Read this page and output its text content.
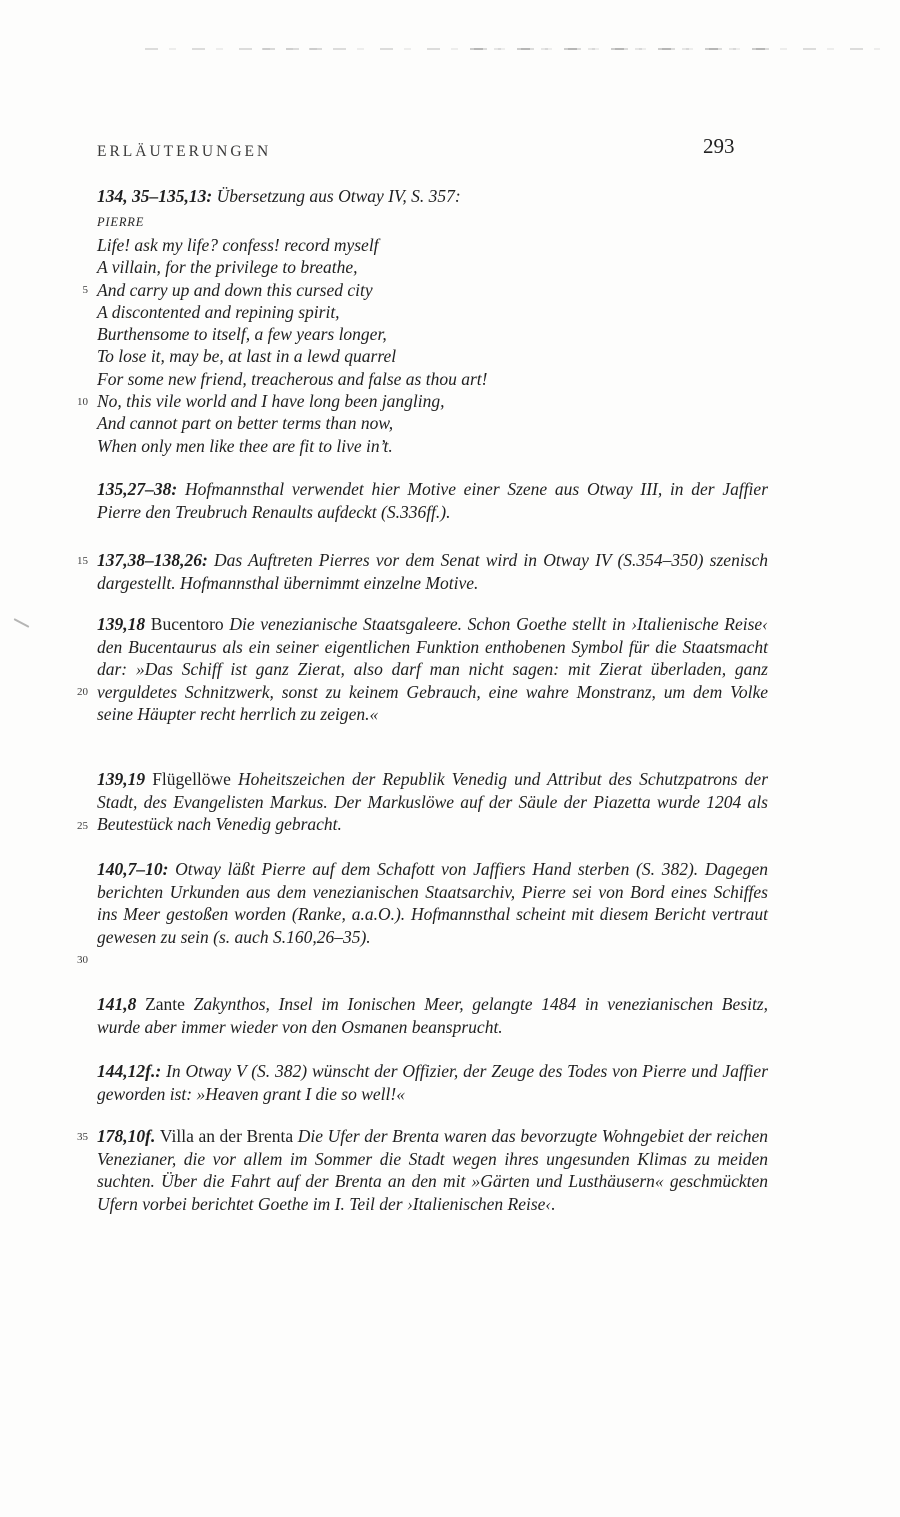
ERLÄUTERUNGEN	293
5
10
15
20
25
30
35
134, 35–135,13: Übersetzung aus Otway IV, S. 357:
PIERRE
Life! ask my life? confess! record myself
A villain, for the privilege to breathe,
And carry up and down this cursed city
A discontented and repining spirit,
Burthensome to itself, a few years longer,
To lose it, may be, at last in a lewd quarrel
For some new friend, treacherous and false as thou art!
No, this vile world and I have long been jangling,
And cannot part on better terms than now,
When only men like thee are fit to live in’t.
135,27–38: Hofmannsthal verwendet hier Motive einer Szene aus Otway III, in der Jaffier Pierre den Treubruch Renaults aufdeckt (S.336ff.).
137,38–138,26: Das Auftreten Pierres vor dem Senat wird in Otway IV (S.354–350) szenisch dargestellt. Hofmannsthal übernimmt einzelne Motive.
139,18 Bucentoro Die venezianische Staatsgaleere. Schon Goethe stellt in ›Italienische Reise‹ den Bucentaurus als ein seiner eigentlichen Funktion enthobenen Symbol für die Staatsmacht dar: »Das Schiff ist ganz Zierat, also darf man nicht sagen: mit Zierat überladen, ganz verguldetes Schnitzwerk, sonst zu keinem Gebrauch, eine wahre Monstranz, um dem Volke seine Häupter recht herrlich zu zeigen.«
139,19 Flügellöwe Hoheitszeichen der Republik Venedig und Attribut des Schutzpatrons der Stadt, des Evangelisten Markus. Der Markuslöwe auf der Säule der Piazetta wurde 1204 als Beutestück nach Venedig gebracht.
140,7–10: Otway läßt Pierre auf dem Schafott von Jaffiers Hand sterben (S. 382). Dagegen berichten Urkunden aus dem venezianischen Staatsarchiv, Pierre sei von Bord eines Schiffes ins Meer gestoßen worden (Ranke, a.a.O.). Hofmannsthal scheint mit diesem Bericht vertraut gewesen zu sein (s. auch S.160,26–35).
141,8 Zante Zakynthos, Insel im Ionischen Meer, gelangte 1484 in venezianischen Besitz, wurde aber immer wieder von den Osmanen beansprucht.
144,12f.: In Otway V (S. 382) wünscht der Offizier, der Zeuge des Todes von Pierre und Jaffier geworden ist: »Heaven grant I die so well!«
178,10f. Villa an der Brenta Die Ufer der Brenta waren das bevorzugte Wohngebiet der reichen Venezianer, die vor allem im Sommer die Stadt wegen ihres ungesunden Klimas zu meiden suchten. Über die Fahrt auf der Brenta an den mit »Gärten und Lusthäusern« geschmückten Ufern vorbei berichtet Goethe im I. Teil der ›Italienischen Reise‹.
